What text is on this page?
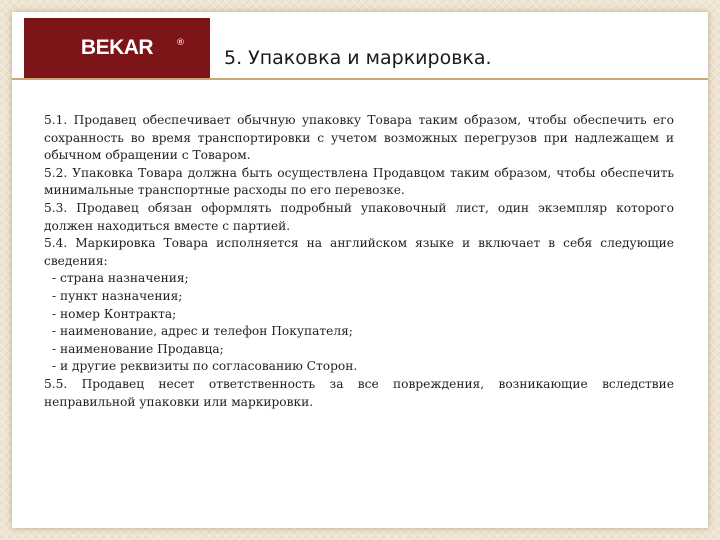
BEKAR	®
5. Упаковка и маркировка.

5.1. Продавец обеспечивает обычную упаковку Товара таким образом, чтобы обеспечить его сохранность во время транспортировки с учетом возможных перегрузов при надлежащем и обычном обращении с Товаром.

5.2. Упаковка Товара должна быть осуществлена Продавцом таким образом, чтобы обеспечить минимальные транспортные расходы по его перевозке.

5.3. Продавец обязан оформлять подробный упаковочный лист, один экземпляр которого должен находиться вместе с партией.

5.4. Маркировка Товара исполняется на английском языке и включает в себя следующие сведения:

- страна назначения;

- пункт назначения;

- номер Контракта;

- наименование, адрес и телефон Покупателя;

- наименование Продавца;

- и другие реквизиты по согласованию Сторон.

5.5. Продавец несет ответственность за все повреждения, возникающие вследствие неправильной упаковки или маркировки.
